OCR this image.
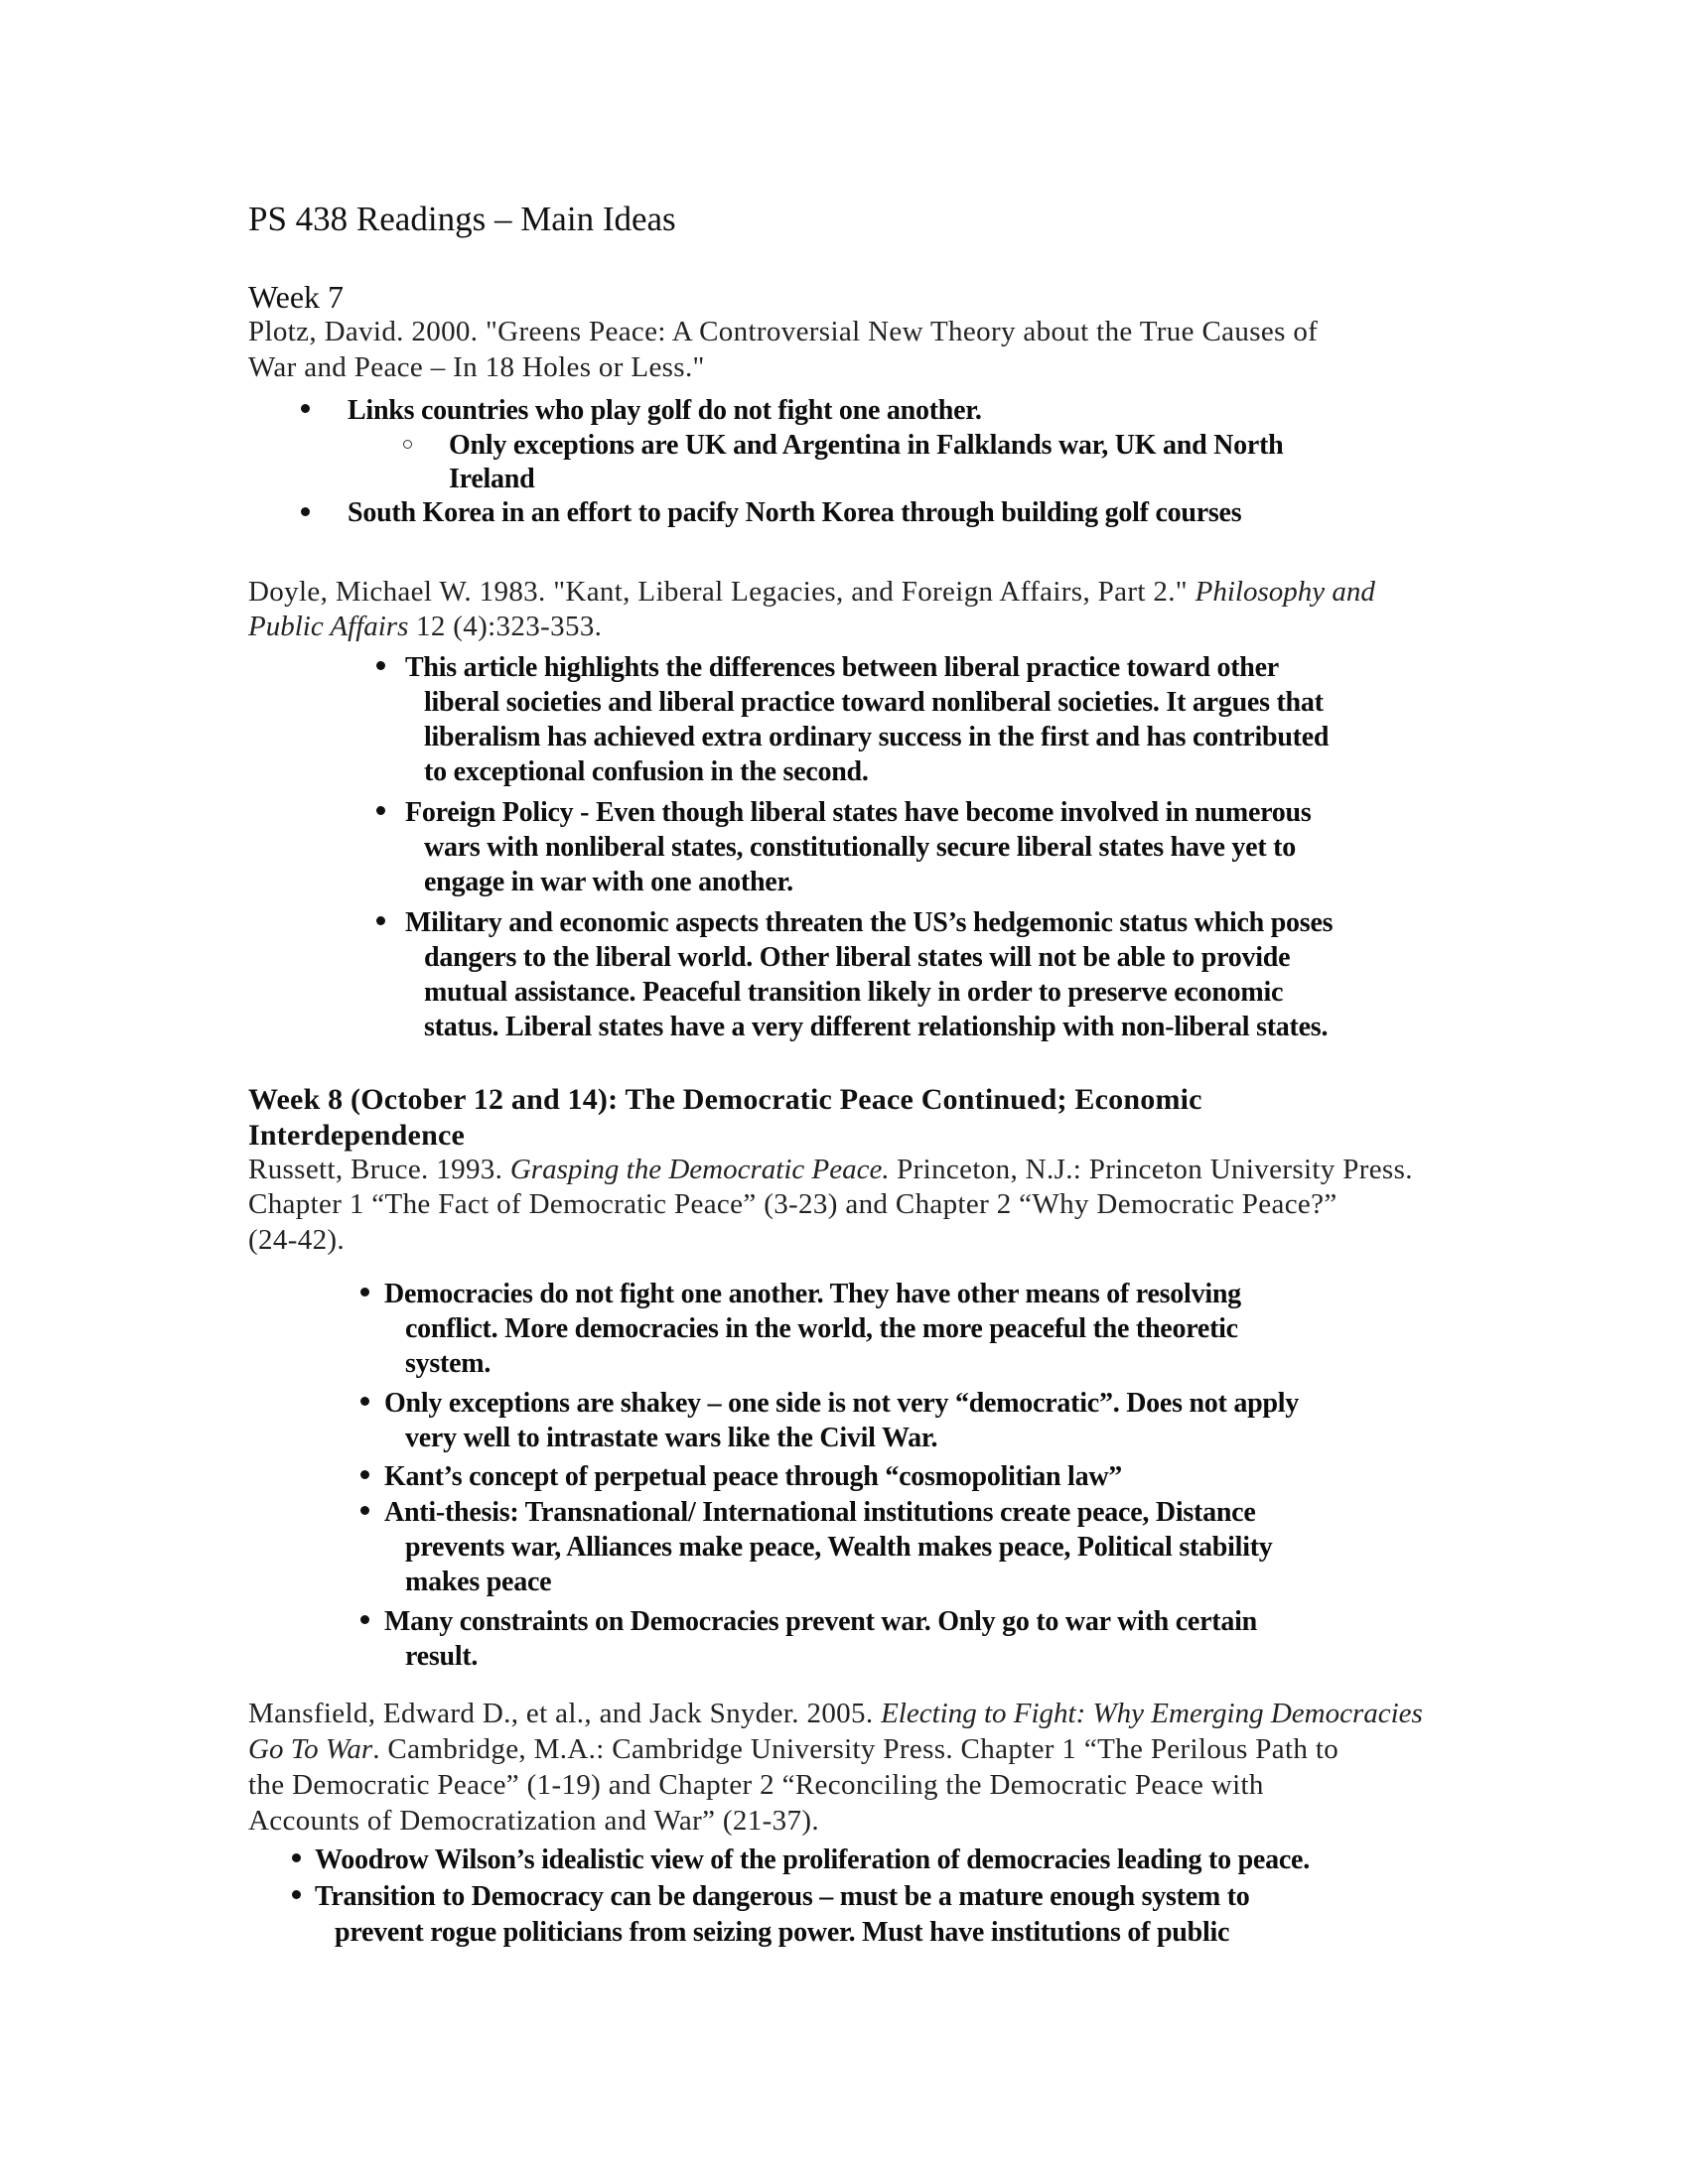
PS 438 Readings – Main Ideas
Week 7
Plotz, David. 2000. "Greens Peace: A Controversial New Theory about the True Causes of
War and Peace – In 18 Holes or Less."
Links countries who play golf do not fight one another.
Only exceptions are UK and Argentina in Falklands war, UK and North
Ireland
South Korea in an effort to pacify North Korea through building golf courses
Doyle, Michael W. 1983. "Kant, Liberal Legacies, and Foreign Affairs, Part 2." Philosophy and
Public Affairs 12 (4):323-353.
This article highlights the differences between liberal practice toward other
liberal societies and liberal practice toward nonliberal societies. It argues that
liberalism has achieved extra ordinary success in the first and has contributed
to exceptional confusion in the second.
Foreign Policy - Even though liberal states have become involved in numerous
wars with nonliberal states, constitutionally secure liberal states have yet to
engage in war with one another.
Military and economic aspects threaten the US’s hedgemonic status which poses
dangers to the liberal world. Other liberal states will not be able to provide
mutual assistance. Peaceful transition likely in order to preserve economic
status. Liberal states have a very different relationship with non-liberal states.
Week 8 (October 12 and 14): The Democratic Peace Continued; Economic
Interdependence
Russett, Bruce. 1993. Grasping the Democratic Peace. Princeton, N.J.: Princeton University Press.
Chapter 1 “The Fact of Democratic Peace” (3-23) and Chapter 2 “Why Democratic Peace?”
(24-42).
Democracies do not fight one another. They have other means of resolving
conflict. More democracies in the world, the more peaceful the theoretic
system.
Only exceptions are shakey – one side is not very “democratic”. Does not apply
very well to intrastate wars like the Civil War.
Kant’s concept of perpetual peace through “cosmopolitian law”
Anti-thesis: Transnational/ International institutions create peace, Distance
prevents war, Alliances make peace, Wealth makes peace, Political stability
makes peace
Many constraints on Democracies prevent war. Only go to war with certain
result.
Mansfield, Edward D., et al., and Jack Snyder. 2005. Electing to Fight: Why Emerging Democracies
Go To War. Cambridge, M.A.: Cambridge University Press. Chapter 1 “The Perilous Path to
the Democratic Peace” (1-19) and Chapter 2 “Reconciling the Democratic Peace with
Accounts of Democratization and War” (21-37).
Woodrow Wilson’s idealistic view of the proliferation of democracies leading to peace.
Transition to Democracy can be dangerous – must be a mature enough system to
prevent rogue politicians from seizing power. Must have institutions of public
